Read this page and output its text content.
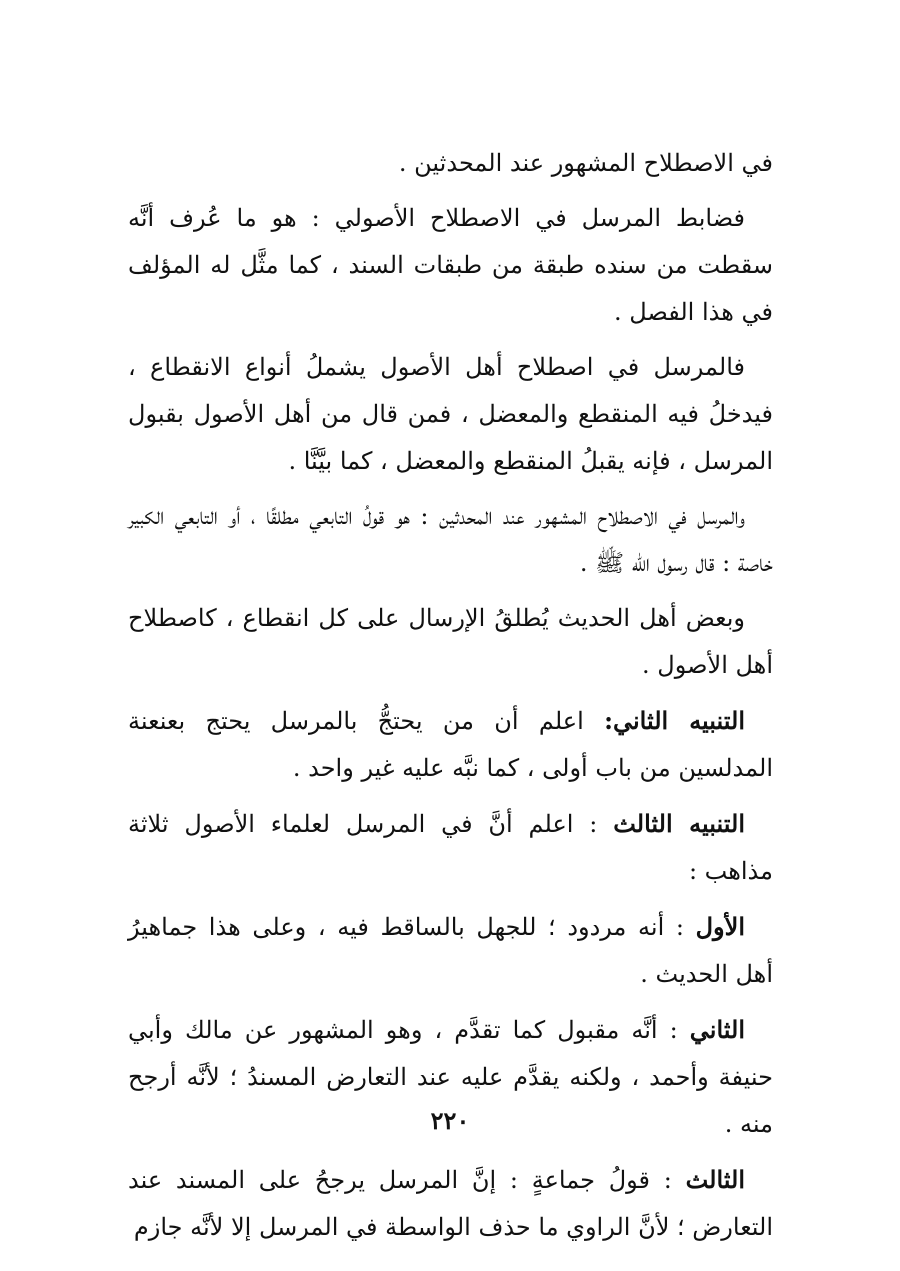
في الاصطلاح المشهور عند المحدثين .

فضابط المرسل في الاصطلاح الأصولي : هو ما عُرف أنَّه سقطت من سنده طبقة من طبقات السند ، كما مثَّل له المؤلف في هذا الفصل .

فالمرسل في اصطلاح أهل الأصول يشملُ أنواع الانقطاع ، فيدخلُ فيه المنقطع والمعضل ، فمن قال من أهل الأصول بقبول المرسل ، فإنه يقبلُ المنقطع والمعضل ، كما بيَّنَّا .

والمرسل في الاصطلاح المشهور عند المحدثين : هو قولُ التابعي مطلقًا ، أو التابعي الكبير خاصة : قال رسول الله ﷺ .

وبعض أهل الحديث يُطلقُ الإرسال على كل انقطاع ، كاصطلاح أهل الأصول .

التنبيه الثاني: اعلم أن من يحتجُّ بالمرسل يحتج بعنعنة المدلسين من باب أولى ، كما نبَّه عليه غير واحد .

التنبيه الثالث : اعلم أنَّ في المرسل لعلماء الأصول ثلاثة مذاهب :

الأول : أنه مردود ؛ للجهل بالساقط فيه ، وعلى هذا جماهيرُ أهل الحديث .

الثاني : أنَّه مقبول كما تقدَّم ، وهو المشهور عن مالك وأبي حنيفة وأحمد ، ولكنه يقدَّم عليه عند التعارض المسندُ ؛ لأنَّه أرجح منه .

الثالث : قولُ جماعةٍ : إنَّ المرسل يرجحُ على المسند عند التعارض ؛ لأنَّ الراوي ما حذف الواسطة في المرسل إلا لأنَّه جازم

٢٢٠
